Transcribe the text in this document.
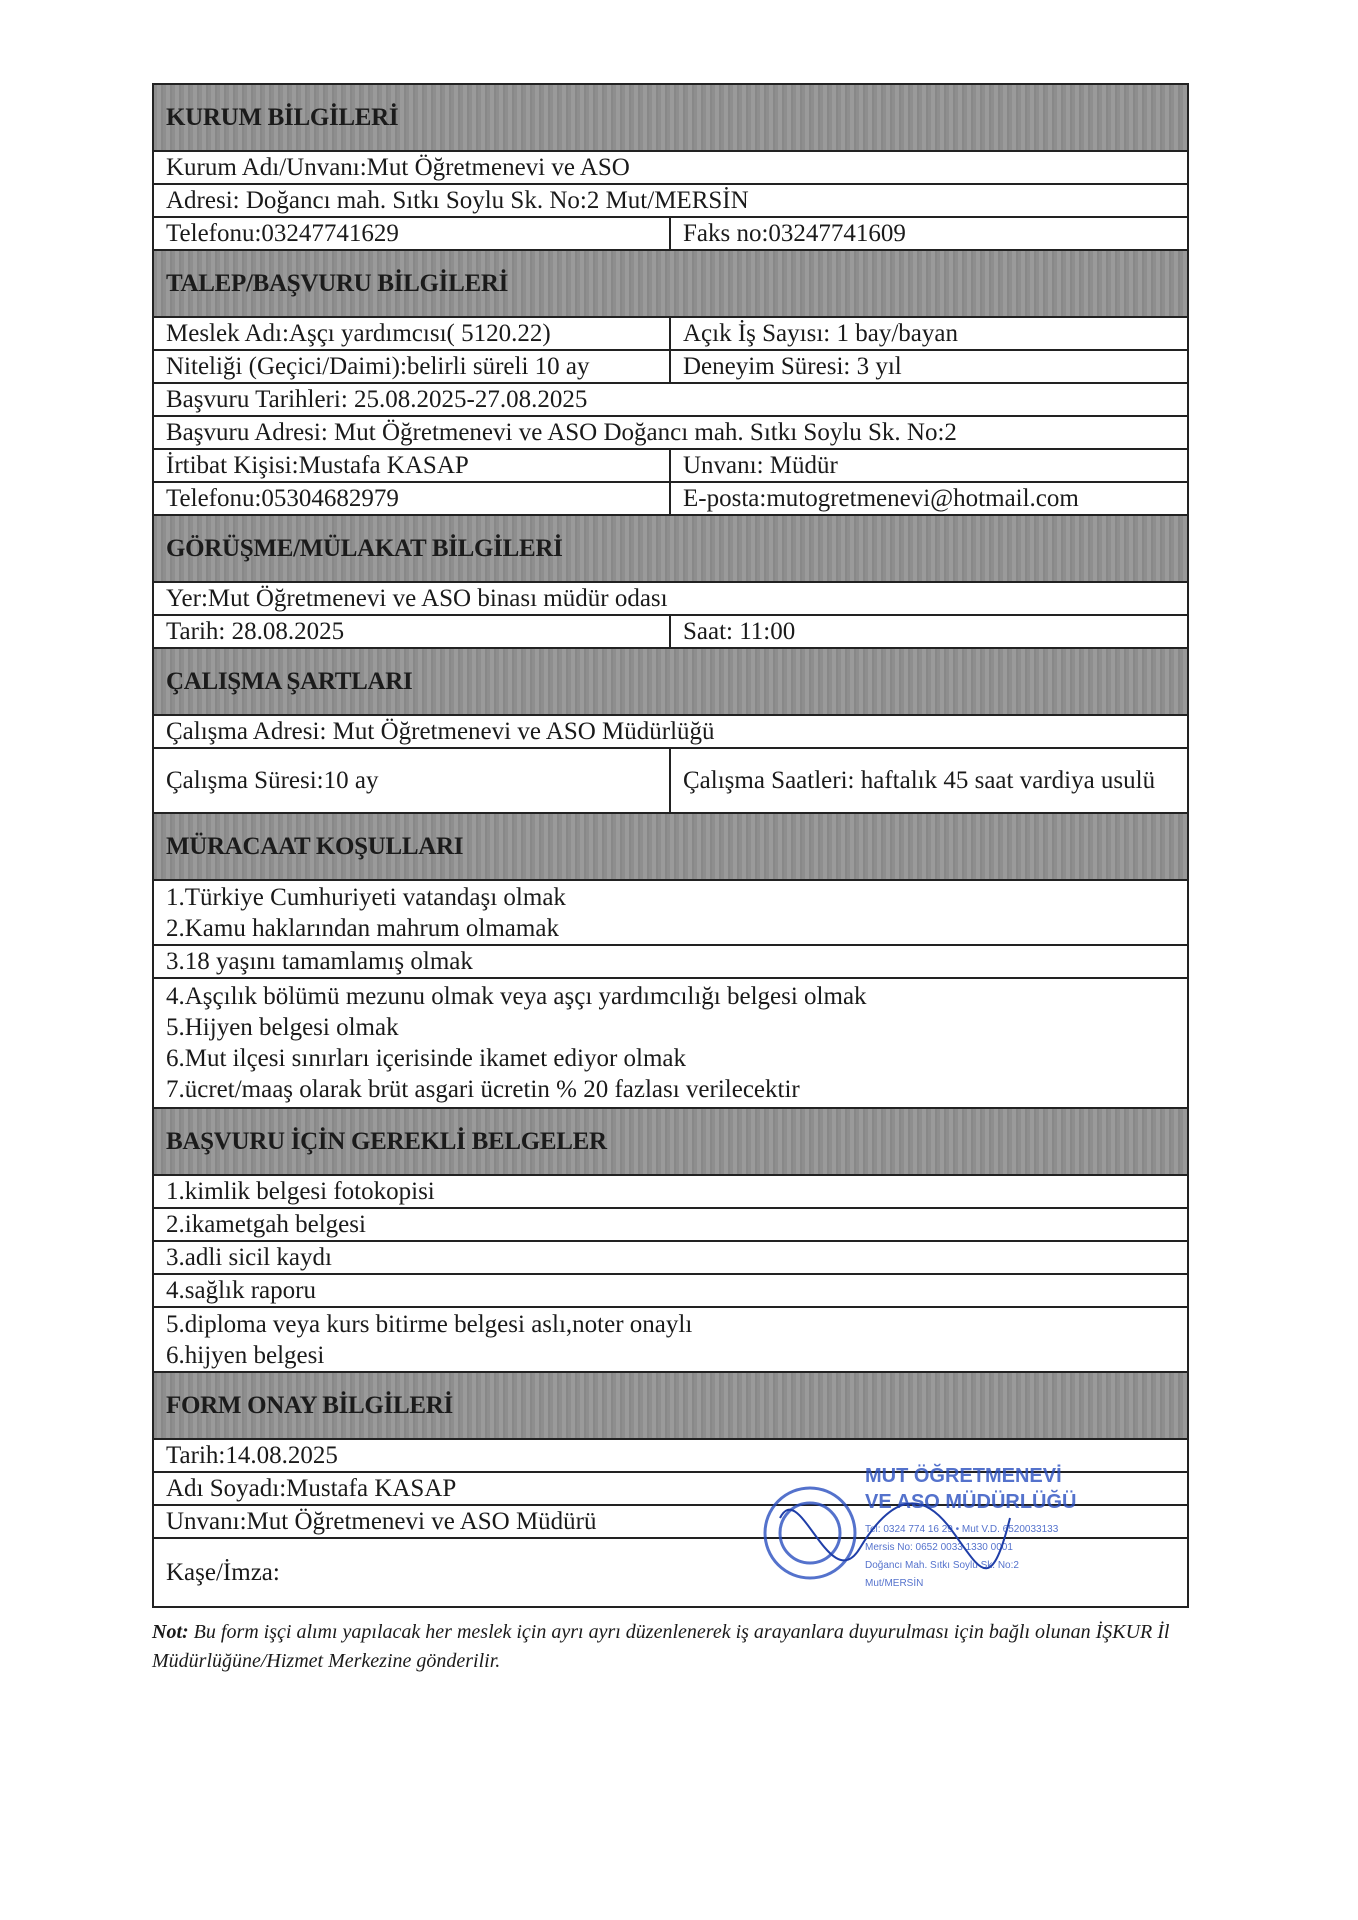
KURUM BİLGİLERİ
Kurum Adı/Unvanı:Mut Öğretmenevi ve ASO
Adresi: Doğancı mah. Sıtkı Soylu Sk. No:2 Mut/MERSİN
Telefonu:03247741629	Faks no:03247741609
TALEP/BAŞVURU BİLGİLERİ
Meslek Adı:Aşçı yardımcısı( 5120.22)	Açık İş Sayısı: 1 bay/bayan
Niteliği (Geçici/Daimi):belirli süreli 10 ay	Deneyim Süresi: 3 yıl
Başvuru Tarihleri: 25.08.2025-27.08.2025
Başvuru Adresi: Mut Öğretmenevi ve ASO Doğancı mah. Sıtkı Soylu Sk. No:2
İrtibat Kişisi:Mustafa KASAP	Unvanı: Müdür
Telefonu:05304682979	E-posta:mutogretmenevi@hotmail.com
GÖRÜŞME/MÜLAKAT BİLGİLERİ
Yer:Mut Öğretmenevi ve ASO binası müdür odası
Tarih: 28.08.2025	Saat: 11:00
ÇALIŞMA ŞARTLARI
Çalışma Adresi: Mut Öğretmenevi ve ASO Müdürlüğü
Çalışma Süresi:10 ay	Çalışma Saatleri: haftalık 45 saat vardiya usulü
MÜRACAAT KOŞULLARI
1.Türkiye Cumhuriyeti vatandaşı olmak
2.Kamu haklarından mahrum olmamak
3.18 yaşını tamamlamış olmak
4.Aşçılık bölümü mezunu olmak veya aşçı yardımcılığı belgesi olmak
5.Hijyen belgesi olmak
6.Mut ilçesi sınırları içerisinde ikamet ediyor olmak
7.ücret/maaş olarak brüt asgari ücretin % 20 fazlası verilecektir
BAŞVURU İÇİN GEREKLİ BELGELER
1.kimlik belgesi fotokopisi
2.ikametgah belgesi
3.adli sicil kaydı
4.sağlık raporu
5.diploma veya kurs bitirme belgesi aslı,noter onaylı
6.hijyen belgesi
FORM ONAY BİLGİLERİ
Tarih:14.08.2025
Adı Soyadı:Mustafa KASAP
Unvanı:Mut Öğretmenevi ve ASO Müdürü
Kaşe/İmza:
MUT ÖĞRETMENEVİ
VE ASO MÜDÜRLÜĞÜ
Tel: 0324 774 16 29 • Mut V.D. 6520033133
Mersis No: 0652 0033 1330 0001
Doğancı Mah. Sıtkı Soylu Sk. No:2
Mut/MERSİN
Not: Bu form işçi alımı yapılacak her meslek için ayrı ayrı düzenlenerek iş arayanlara duyurulması için bağlı olunan İŞKUR İl Müdürlüğüne/Hizmet Merkezine gönderilir.
